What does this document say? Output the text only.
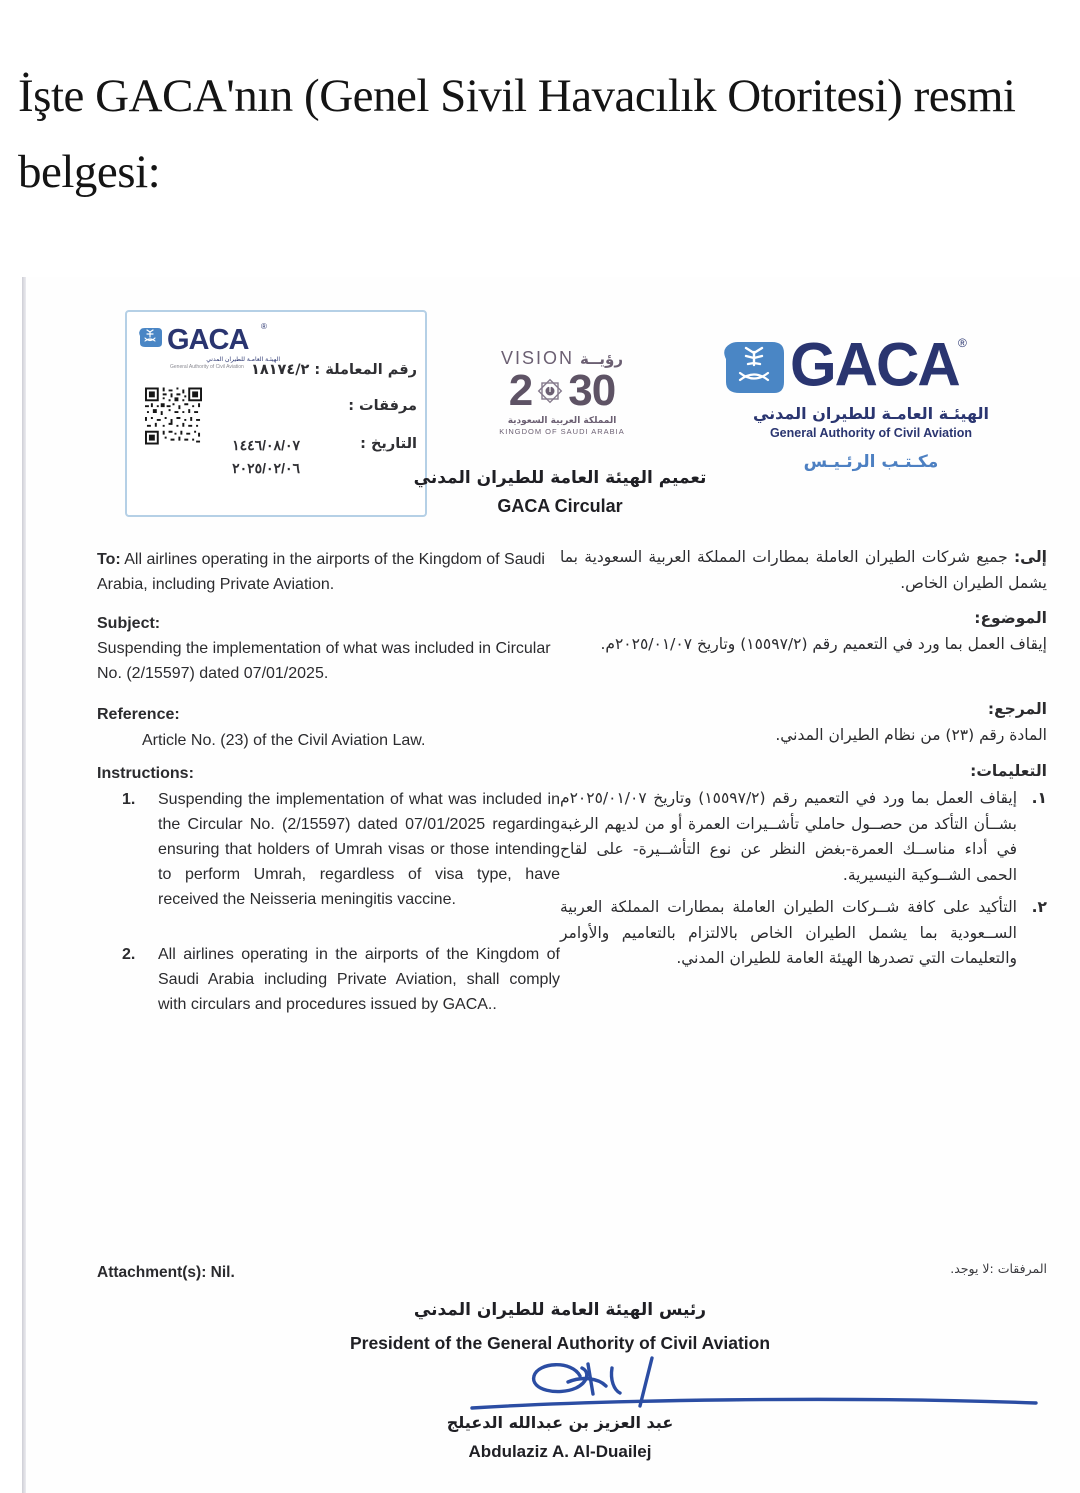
İşte GACA'nın (Genel Sivil Havacılık Otoritesi) resmi belgesi:
GACA ®
الهيئـة العامـة للطيران المدني
General Authority of Civil Aviation رقم المعاملة : ١٨١٧٤/٢
مرفقات :
التاريخ :
١٤٤٦/٠٨/٠٧
٢٠٢٥/٠٢/٠٦
VISION رؤيــة
2 30
المملكة العربية السعودية
KINGDOM OF SAUDI ARABIA
GACA ®
الهيئـة العامـة للطيران المدني
General Authority of Civil Aviation
مكـتـب الرئـيـس
تعميم الهيئة العامة للطيران المدني
GACA Circular
To: All airlines operating in the airports of the Kingdom of Saudi Arabia, including Private Aviation.
Subject:
Suspending the implementation of what was included in Circular No. (2/15597) dated 07/01/2025.
Reference:
Article No. (23) of the Civil Aviation Law.
Instructions:
1.	Suspending the implementation of what was included in the Circular No. (2/15597) dated 07/01/2025 regarding ensuring that holders of Umrah visas or those intending to perform Umrah, regardless of visa type, have received the Neisseria meningitis vaccine.
2.	All airlines operating in the airports of the Kingdom of Saudi Arabia including Private Aviation, shall comply with circulars and procedures issued by GACA..
إلى: جميع شركات الطيران العاملة بمطارات المملكة العربية السعودية بما يشمل الطيران الخاص.
الموضوع:
إيقاف العمل بما ورد في التعميم رقم (١٥٥٩٧/٢) وتاريخ ٢٠٢٥/٠١/٠٧م.
المرجع:
المادة رقم (٢٣) من نظام الطيران المدني.
التعليمات:
١.
إيقاف العمل بما ورد في التعميم رقم (١٥٥٩٧/٢) وتاريخ ٢٠٢٥/٠١/٠٧م بشــأن التأكد من حصــول حاملي تأشــيرات العمرة أو من لديهم الرغبة في أداء مناســك العمرة-بغض النظر عن نوع التأشــيرة- على لقاح الحمى الشــوكية النيسيرية.
٢.
التأكيد على كافة شــركات الطيران العاملة بمطارات المملكة العربية الســعودية بما يشمل الطيران الخاص بالالتزام بالتعاميم والأوامر والتعليمات التي تصدرها الهيئة العامة للطيران المدني.
Attachment(s): Nil.	المرفقات :لا يوجد.
رئيس الهيئة العامة للطيران المدني
President of the General Authority of Civil Aviation
عبد العزيز بن عبدالله الدعيلج
Abdulaziz A. Al-Duailej
